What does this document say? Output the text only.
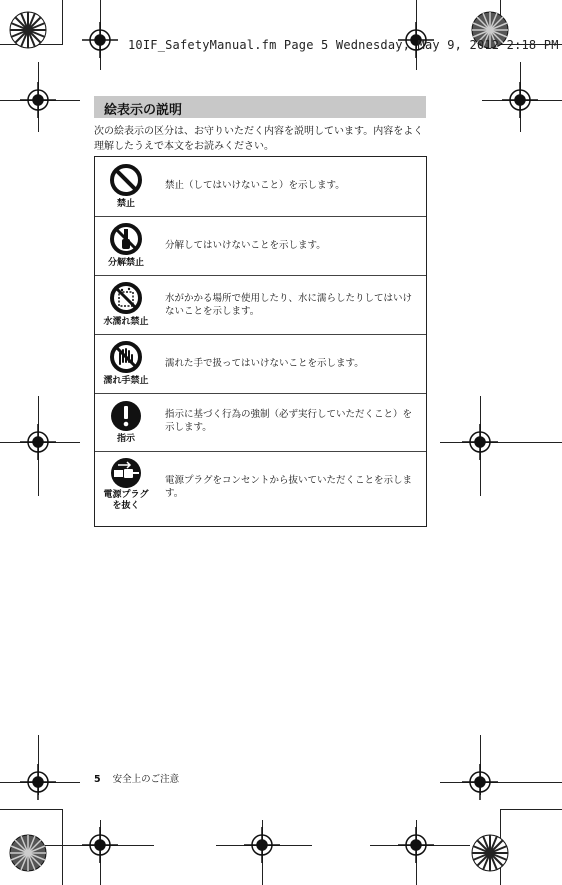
10IF_SafetyManual.fm Page 5 Wednesday, May 9, 2012 2:18 PM
絵表示の説明
次の絵表示の区分は、お守りいただく内容を説明しています。内容をよく理解したうえで本文をお読みください。
禁止
禁止（してはいけないこと）を示します。
分解禁止
分解してはいけないことを示します。
水濡れ禁止
水がかかる場所で使用したり、水に濡らしたりしてはいけないことを示します。
濡れ手禁止
濡れた手で扱ってはいけないことを示します。
指示
指示に基づく行為の強制（必ず実行していただくこと）を示します。
電源プラグを抜く
電源プラグをコンセントから抜いていただくことを示します。
5 安全上のご注意
